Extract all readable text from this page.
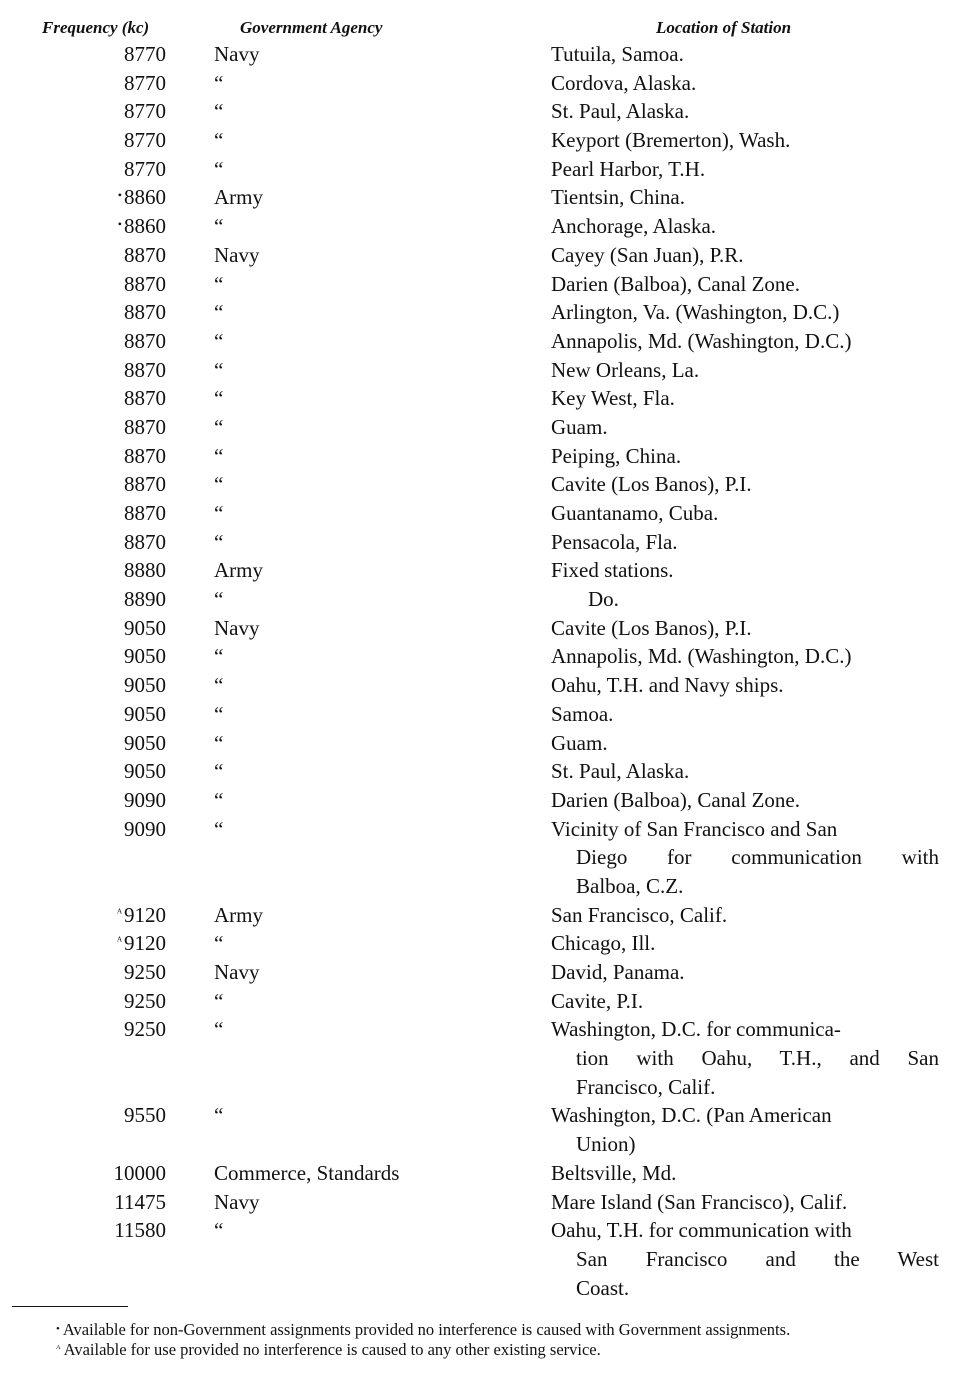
Frequency (kc)	Government Agency	Location of Station
8770 Navy	Tutuila, Samoa.
8770 “	Cordova, Alaska.
8770 “	St. Paul, Alaska.
8770 “	Keyport (Bremerton), Wash.
8770 “	Pearl Harbor, T.H.
•8860 Army	Tientsin, China.
•8860 “	Anchorage, Alaska.
8870 Navy	Cayey (San Juan), P.R.
8870 “	Darien (Balboa), Canal Zone.
8870 “	Arlington, Va. (Washington, D.C.)
8870 “	Annapolis, Md. (Washington, D.C.)
8870 “	New Orleans, La.
8870 “	Key West, Fla.
8870 “	Guam.
8870 “	Peiping, China.
8870 “	Cavite (Los Banos), P.I.
8870 “	Guantanamo, Cuba.
8870 “	Pensacola, Fla.
8880 Army	Fixed stations.
8890 “	Do.
9050 Navy	Cavite (Los Banos), P.I.
9050 “	Annapolis, Md. (Washington, D.C.)
9050 “	Oahu, T.H. and Navy ships.
9050 “	Samoa.
9050 “	Guam.
9050 “	St. Paul, Alaska.
9090 “	Darien (Balboa), Canal Zone.
9090 “	Vicinity of San Francisco and San
Diego for communication with
Balboa, C.Z.
$^ᴬ$9120 Army	San Francisco, Calif.
$^ᴬ$9120 “	Chicago, Ill.
9250 Navy	David, Panama.
9250 “	Cavite, P.I.
9250 “	Washington, D.C. for communica-
tion with Oahu, T.H., and San
Francisco, Calif.
9550 “	Washington, D.C. (Pan American
Union)
10000 Commerce, Standards	Beltsville, Md.
11475 Navy	Mare Island (San Francisco), Calif.
11580 “	Oahu, T.H. for communication with
San Francisco and the West
Coast.
• Available for non-Government assignments provided no interference is caused with Government assignments.
$^ᴬ$ Available for use provided no interference is caused to any other existing service.
